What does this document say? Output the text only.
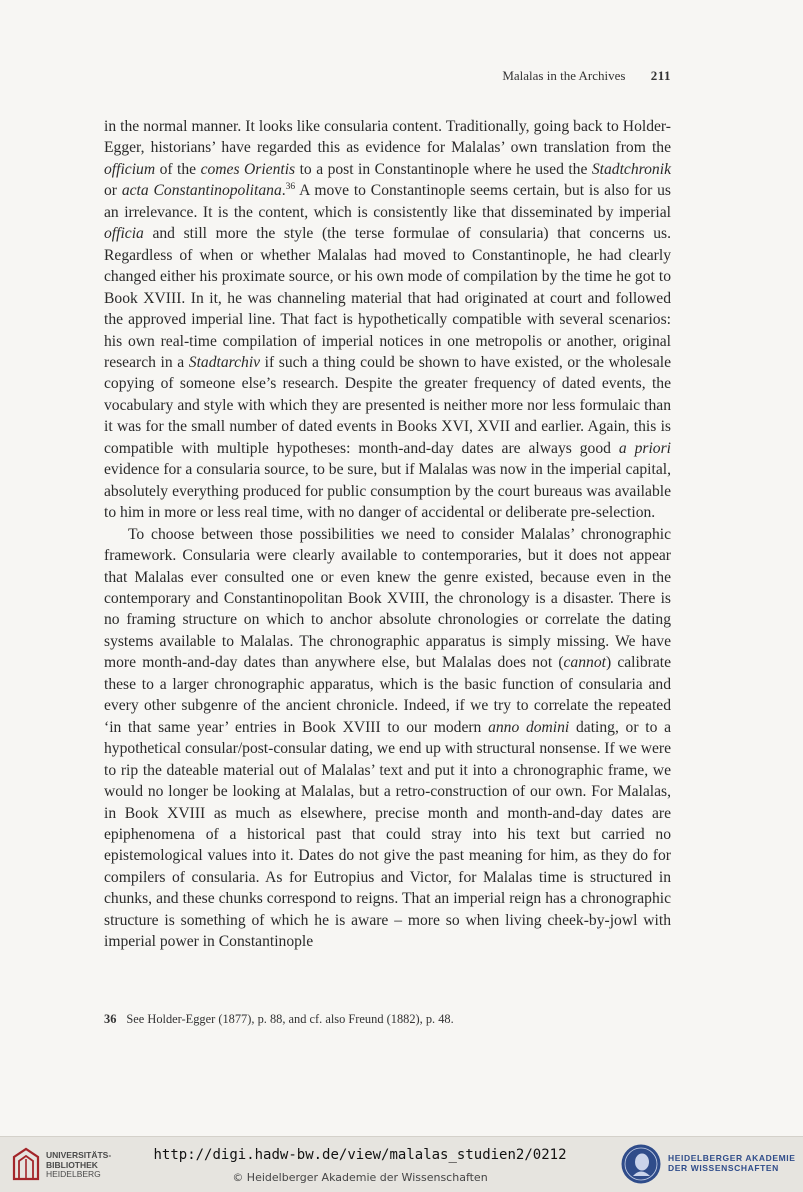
Malalas in the Archives 211

in the normal manner. It looks like consularia content. Traditionally, going back to Holder-Egger, historians’ have regarded this as evidence for Malalas’ own translation from the officium of the comes Orientis to a post in Constantinople where he used the Stadtchronik or acta Constantinopolitana.$^{36}$ A move to Constantinople seems certain, but is also for us an irrelevance. It is the content, which is consistently like that disseminated by imperial officia and still more the style (the terse formulae of consularia) that concerns us. Regardless of when or whether Malalas had moved to Constantinople, he had clearly changed either his proximate source, or his own mode of compilation by the time he got to Book XVIII. In it, he was channeling material that had originated at court and followed the approved imperial line. That fact is hypothetically compatible with several scenarios: his own real-time compilation of imperial notices in one metropolis or another, original research in a Stadtarchiv if such a thing could be shown to have existed, or the wholesale copying of someone else’s research. Despite the greater frequency of dated events, the vocabulary and style with which they are presented is neither more nor less formulaic than it was for the small number of dated events in Books XVI, XVII and earlier. Again, this is compatible with multiple hypotheses: month-and-day dates are always good a priori evidence for a consularia source, to be sure, but if Malalas was now in the imperial capital, absolutely everything produced for public consumption by the court bureaus was available to him in more or less real time, with no danger of accidental or deliberate pre-selection.

To choose between those possibilities we need to consider Malalas’ chronographic framework. Consularia were clearly available to contemporaries, but it does not appear that Malalas ever consulted one or even knew the genre existed, because even in the contemporary and Constantinopolitan Book XVIII, the chronology is a disaster. There is no framing structure on which to anchor absolute chronologies or correlate the dating systems available to Malalas. The chronographic apparatus is simply missing. We have more month-and-day dates than anywhere else, but Malalas does not (cannot) calibrate these to a larger chronographic apparatus, which is the basic function of consularia and every other subgenre of the ancient chronicle. Indeed, if we try to correlate the repeated ‘in that same year’ entries in Book XVIII to our modern anno domini dating, or to a hypothetical consular/post-consular dating, we end up with structural nonsense. If we were to rip the dateable material out of Malalas’ text and put it into a chronographic frame, we would no longer be looking at Malalas, but a retro-construction of our own. For Malalas, in Book XVIII as much as elsewhere, precise month and month-and-day dates are epiphenomena of a historical past that could stray into his text but carried no epistemological values into it. Dates do not give the past meaning for him, as they do for compilers of consularia. As for Eutropius and Victor, for Malalas time is structured in chunks, and these chunks correspond to reigns. That an imperial reign has a chronographic structure is something of which he is aware – more so when living cheek-by-jowl with imperial power in Constantinople

36 See Holder-Egger (1877), p. 88, and cf. also Freund (1882), p. 48.
UNIVERSITÄTS-
BIBLIOTHEK
HEIDELBERG
http://digi.hadw-bw.de/view/malalas_studien2/0212
© Heidelberger Akademie der Wissenschaften
HEIDELBERGER AKADEMIE
DER WISSENSCHAFTEN
